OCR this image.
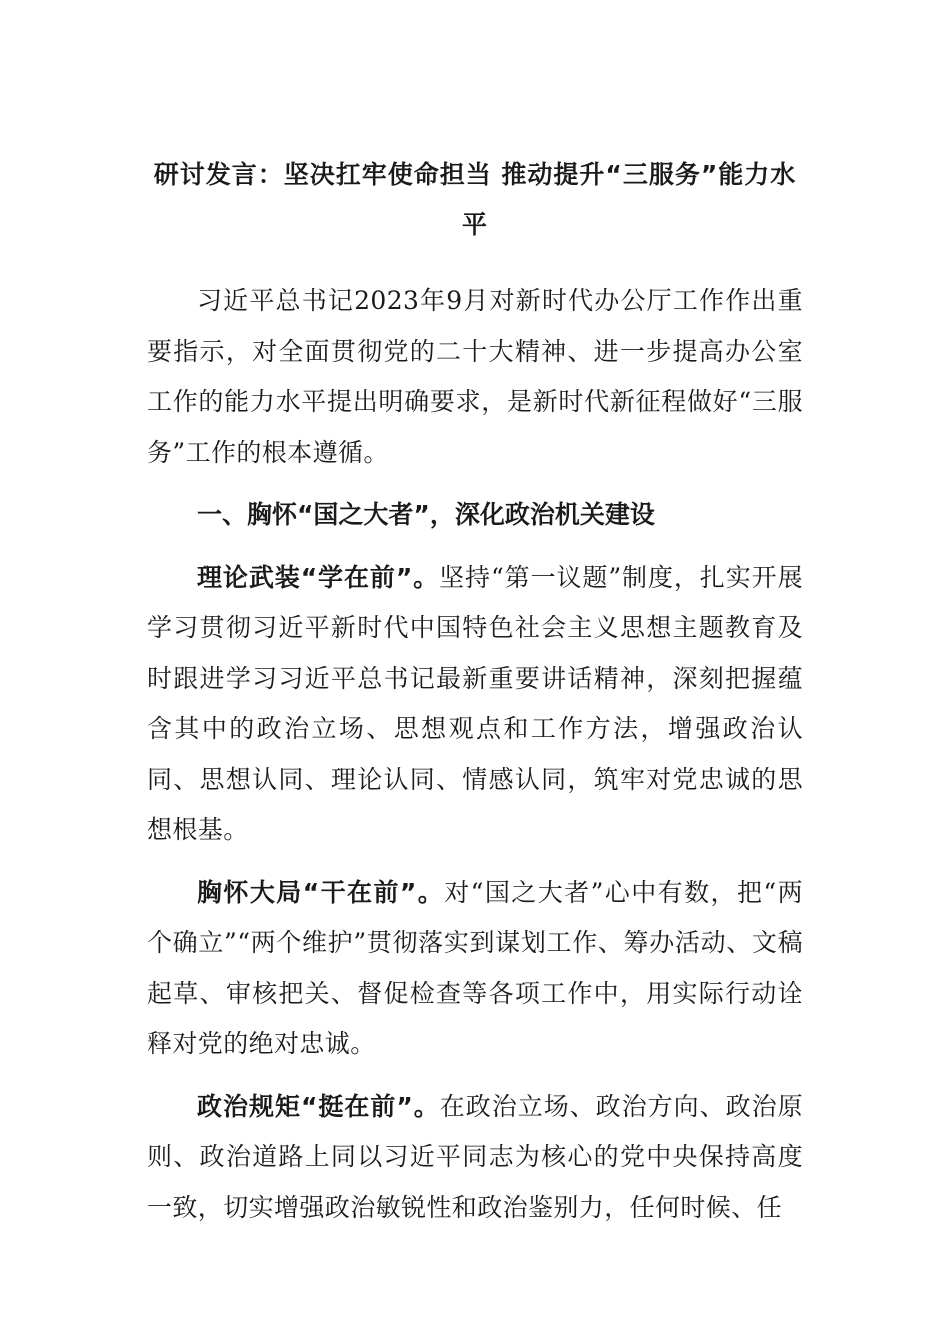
研讨发言：坚决扛牢使命担当 推动提升“三服务”能力水平

习近平总书记2023年9月对新时代办公厅工作作出重要指示，对全面贯彻党的二十大精神、进一步提高办公室工作的能力水平提出明确要求，是新时代新征程做好“三服务”工作的根本遵循。

一、胸怀“国之大者”，深化政治机关建设

理论武装“学在前”。坚持“第一议题”制度，扎实开展学习贯彻习近平新时代中国特色社会主义思想主题教育及时跟进学习习近平总书记最新重要讲话精神，深刻把握蕴含其中的政治立场、思想观点和工作方法，增强政治认同、思想认同、理论认同、情感认同，筑牢对党忠诚的思想根基。

胸怀大局“干在前”。对“国之大者”心中有数，把“两个确立”“两个维护”贯彻落实到谋划工作、筹办活动、文稿起草、审核把关、督促检查等各项工作中，用实际行动诠释对党的绝对忠诚。

政治规矩“挺在前”。在政治立场、政治方向、政治原则、政治道路上同以习近平同志为核心的党中央保持高度一致，切实增强政治敏锐性和政治鉴别力，任何时候、任
